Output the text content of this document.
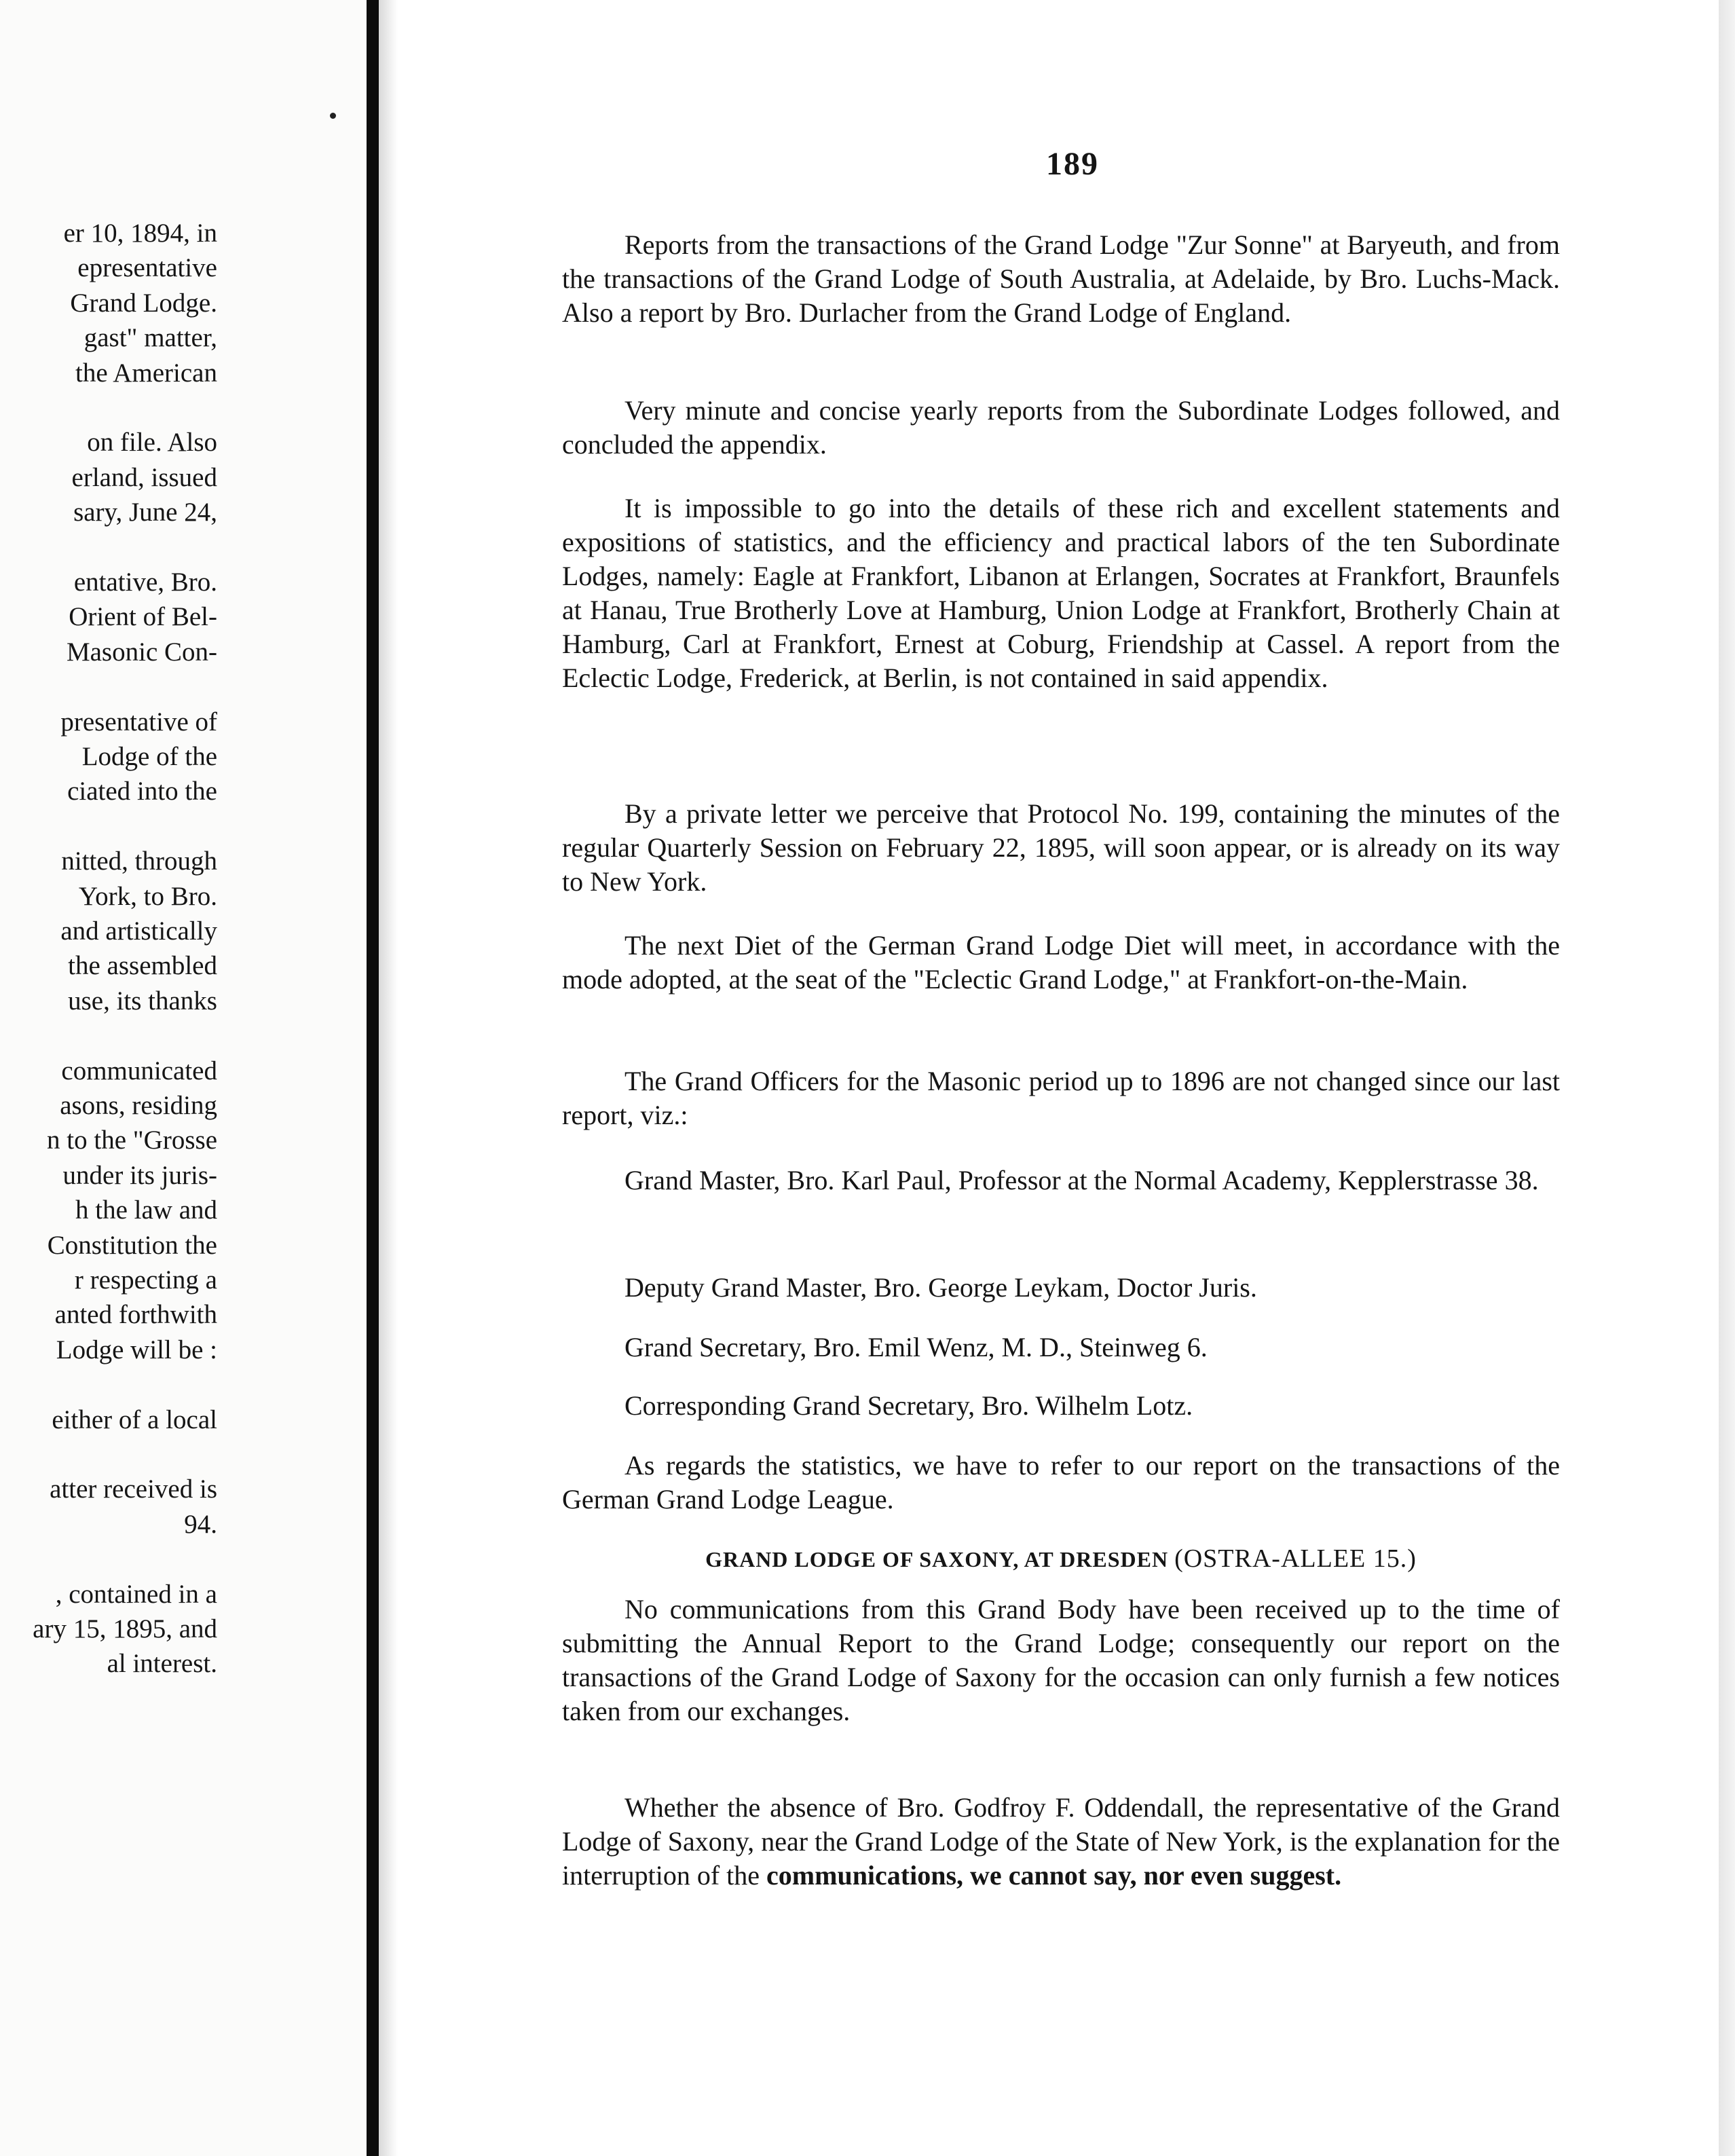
er 10, 1894, in
epresentative
Grand Lodge.
gast" matter,
the American
on file. Also
erland, issued
sary, June 24,
entative, Bro.
Orient of Bel-
Masonic Con-
presentative of
Lodge of the
ciated into the
nitted, through
York, to Bro.
and artistically
the assembled
use, its thanks
communicated
asons, residing
n to the "Grosse
under its juris-
h the law and
Constitution the
r respecting a
anted forthwith
Lodge will be :
either of a local
atter received is
94.
, contained in a
ary 15, 1895, and
al interest.
189
Reports from the transactions of the Grand Lodge "Zur Sonne" at Baryeuth, and from the transactions of the Grand Lodge of South Australia, at Adelaide, by Bro. Luchs-Mack. Also a report by Bro. Durlacher from the Grand Lodge of England.
Very minute and concise yearly reports from the Subordinate Lodges followed, and concluded the appendix.
It is impossible to go into the details of these rich and excellent statements and expositions of statistics, and the efficiency and practical labors of the ten Subordinate Lodges, namely: Eagle at Frankfort, Libanon at Erlangen, Socrates at Frankfort, Braunfels at Hanau, True Brotherly Love at Hamburg, Union Lodge at Frankfort, Brotherly Chain at Hamburg, Carl at Frankfort, Ernest at Coburg, Friendship at Cassel. A report from the Eclectic Lodge, Frederick, at Berlin, is not contained in said appendix.
By a private letter we perceive that Protocol No. 199, containing the minutes of the regular Quarterly Session on February 22, 1895, will soon appear, or is already on its way to New York.
The next Diet of the German Grand Lodge Diet will meet, in accordance with the mode adopted, at the seat of the "Eclectic Grand Lodge," at Frankfort-on-the-Main.
The Grand Officers for the Masonic period up to 1896 are not changed since our last report, viz.:
Grand Master, Bro. Karl Paul, Professor at the Normal Academy, Kepplerstrasse 38.
Deputy Grand Master, Bro. George Leykam, Doctor Juris.
Grand Secretary, Bro. Emil Wenz, M. D., Steinweg 6.
Corresponding Grand Secretary, Bro. Wilhelm Lotz.
As regards the statistics, we have to refer to our report on the transactions of the German Grand Lodge League.
GRAND LODGE OF SAXONY, AT DRESDEN (OSTRA-ALLEE 15.)
No communications from this Grand Body have been received up to the time of submitting the Annual Report to the Grand Lodge; consequently our report on the transactions of the Grand Lodge of Saxony for the occasion can only furnish a few notices taken from our exchanges.
Whether the absence of Bro. Godfroy F. Oddendall, the representative of the Grand Lodge of Saxony, near the Grand Lodge of the State of New York, is the explanation for the interruption of the communications, we cannot say, nor even suggest.
